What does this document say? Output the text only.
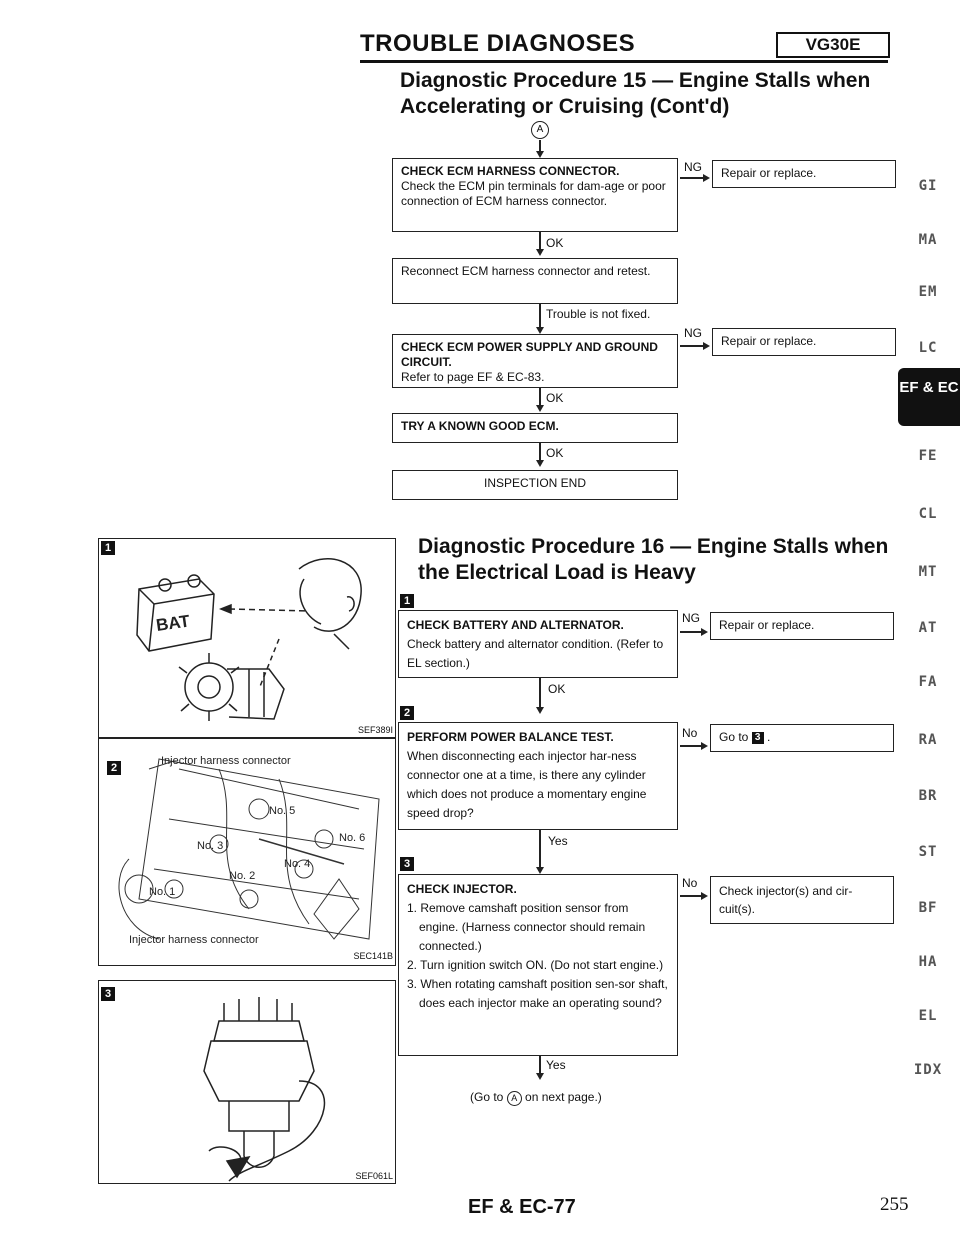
TROUBLE DIAGNOSES	VG30E
Diagnostic Procedure 15 — Engine Stalls when
Accelerating or Cruising (Cont'd)
A
CHECK ECM HARNESS CONNECTOR.
Check the ECM pin terminals for dam-age or poor connection of ECM harness connector.
NG	Repair or replace.
OK
Reconnect ECM harness connector and retest.
Trouble is not fixed.
CHECK ECM POWER SUPPLY AND GROUND CIRCUIT.
Refer to page EF & EC-83.
NG
Repair or replace.
OK
TRY A KNOWN GOOD ECM.
OK
INSPECTION END
Diagnostic Procedure 16 — Engine Stalls when
the Electrical Load is Heavy
1
CHECK BATTERY AND ALTERNATOR.
Check battery and alternator condition. (Refer to EL section.)
NG	Repair or replace.
OK
2
PERFORM POWER BALANCE TEST.
When disconnecting each injector har-ness connector one at a time, is there any cylinder which does not produce a momentary engine speed drop?
No	Go to 3 .
Yes
3
CHECK INJECTOR.
1. Remove camshaft position sensor from engine. (Harness connector should remain connected.)
2. Turn ignition switch ON. (Do not start engine.)
3. When rotating camshaft position sen-sor shaft, does each injector make an operating sound?
No
Check injector(s) and cir-cuit(s).
Yes
(Go to A on next page.)
1
BAT
SEF389I
2
Injector harness connector
No. 1
No. 2
No. 3
No. 4
No. 5
No. 6
Injector harness connector
SEC141B
3
SEF061L
GI
MA
EM
LC
EF & EC
FE
CL
MT
AT
FA
RA
BR
ST
BF
HA
EL
IDX
EF & EC-77	255
